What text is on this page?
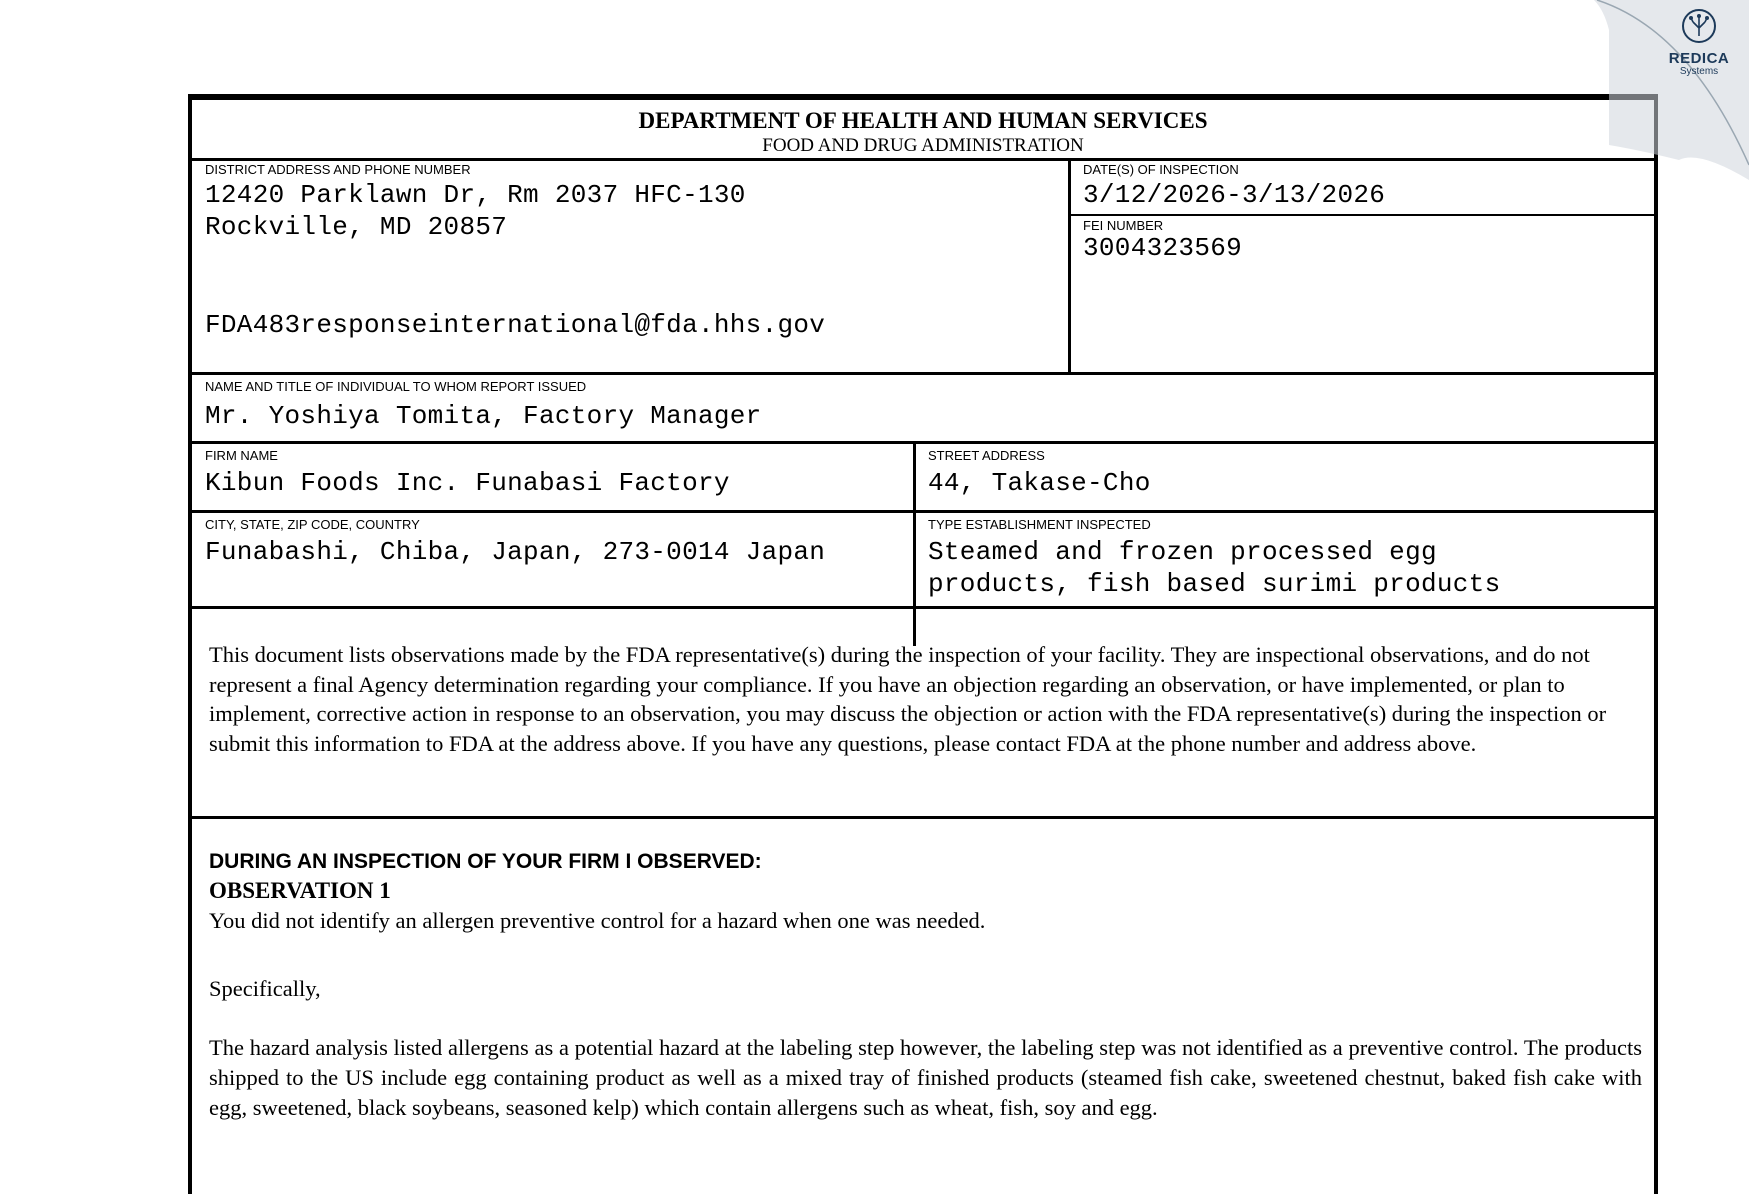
DEPARTMENT OF HEALTH AND HUMAN SERVICES
FOOD AND DRUG ADMINISTRATION
DISTRICT ADDRESS AND PHONE NUMBER
12420 Parklawn Dr, Rm 2037 HFC-130
Rockville, MD 20857
FDA483responseinternational@fda.hhs.gov
DATE(S) OF INSPECTION
3/12/2026-3/13/2026
FEI NUMBER
3004323569
NAME AND TITLE OF INDIVIDUAL TO WHOM REPORT ISSUED
Mr. Yoshiya Tomita, Factory Manager
FIRM NAME
Kibun Foods Inc. Funabasi Factory
STREET ADDRESS
44, Takase-Cho
CITY, STATE, ZIP CODE, COUNTRY
Funabashi, Chiba, Japan, 273-0014 Japan
TYPE ESTABLISHMENT INSPECTED
Steamed and frozen processed egg
products, fish based surimi products

This document lists observations made by the FDA representative(s) during the inspection of your facility. They are inspectional observations, and do not represent a final Agency determination regarding your compliance. If you have an objection regarding an observation, or have implemented, or plan to implement, corrective action in response to an observation, you may discuss the objection or action with the FDA representative(s) during the inspection or submit this information to FDA at the address above. If you have any questions, please contact FDA at the phone number and address above.

DURING AN INSPECTION OF YOUR FIRM I OBSERVED:

OBSERVATION 1

You did not identify an allergen preventive control for a hazard when one was needed.

Specifically,

The hazard analysis listed allergens as a potential hazard at the labeling step however, the labeling step was not identified as a preventive control. The products shipped to the US include egg containing product as well as a mixed tray of finished products (steamed fish cake, sweetened chestnut, baked fish cake with egg, sweetened, black soybeans, seasoned kelp) which contain allergens such as wheat, fish, soy and egg.

REDICA
Systems
